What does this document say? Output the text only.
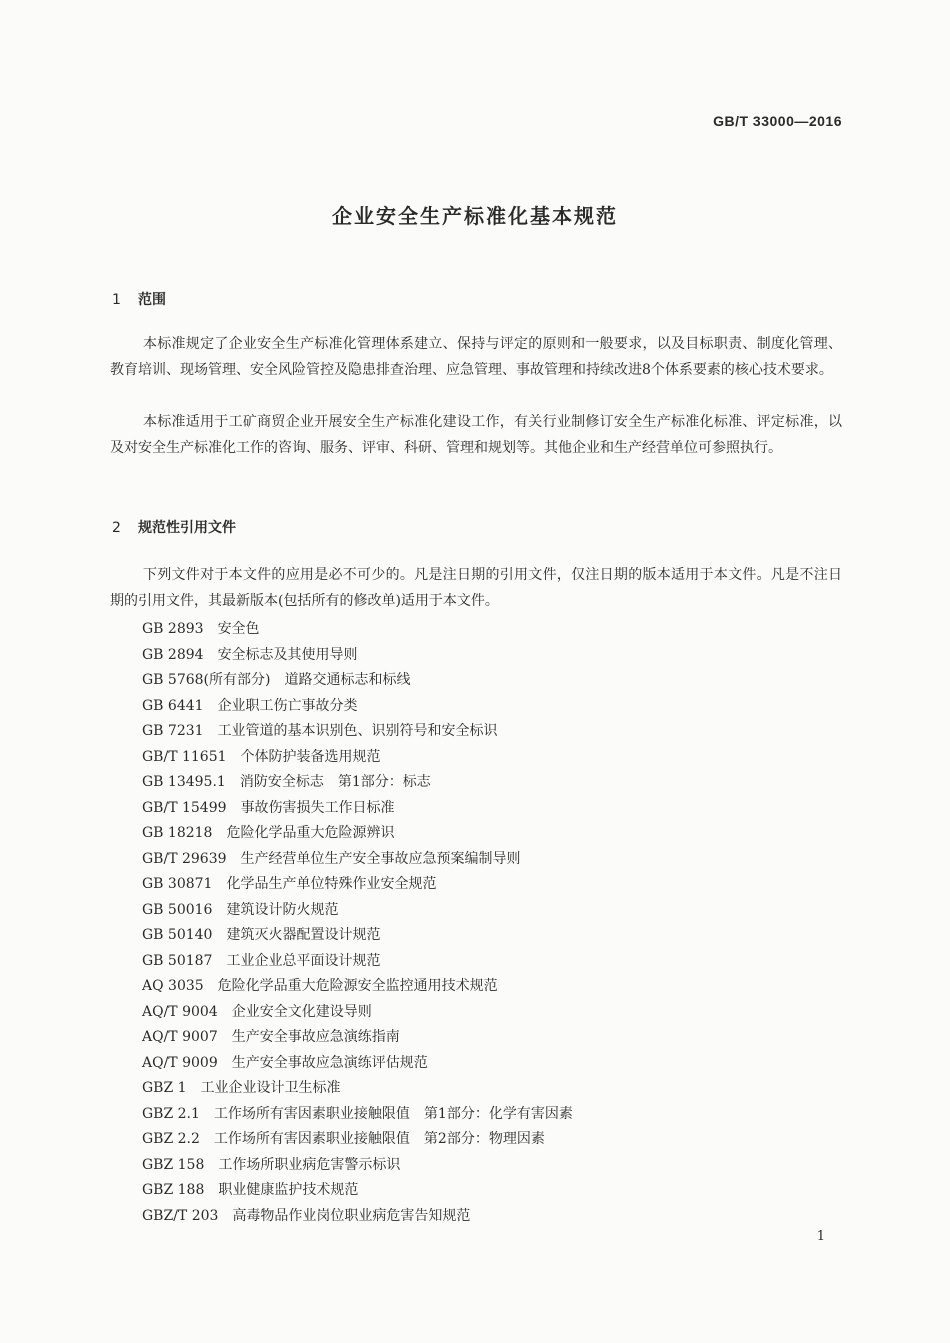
GB/T 33000—2016
企业安全生产标准化基本规范
1 范围

本标准规定了企业安全生产标准化管理体系建立、保持与评定的原则和一般要求，以及目标职责、制度化管理、教育培训、现场管理、安全风险管控及隐患排查治理、应急管理、事故管理和持续改进8个体系要素的核心技术要求。

本标准适用于工矿商贸企业开展安全生产标准化建设工作，有关行业制修订安全生产标准化标准、评定标准，以及对安全生产标准化工作的咨询、服务、评审、科研、管理和规划等。其他企业和生产经营单位可参照执行。

2 规范性引用文件

下列文件对于本文件的应用是必不可少的。凡是注日期的引用文件，仅注日期的版本适用于本文件。凡是不注日期的引用文件，其最新版本(包括所有的修改单)适用于本文件。

GB 2893 安全色
GB 2894 安全标志及其使用导则
GB 5768(所有部分) 道路交通标志和标线
GB 6441 企业职工伤亡事故分类
GB 7231 工业管道的基本识别色、识别符号和安全标识
GB/T 11651 个体防护装备选用规范
GB 13495.1 消防安全标志　第1部分：标志
GB/T 15499 事故伤害损失工作日标准
GB 18218 危险化学品重大危险源辨识
GB/T 29639 生产经营单位生产安全事故应急预案编制导则
GB 30871 化学品生产单位特殊作业安全规范
GB 50016 建筑设计防火规范
GB 50140 建筑灭火器配置设计规范
GB 50187 工业企业总平面设计规范
AQ 3035 危险化学品重大危险源安全监控通用技术规范
AQ/T 9004 企业安全文化建设导则
AQ/T 9007 生产安全事故应急演练指南
AQ/T 9009 生产安全事故应急演练评估规范
GBZ 1 工业企业设计卫生标准
GBZ 2.1 工作场所有害因素职业接触限值　第1部分：化学有害因素
GBZ 2.2 工作场所有害因素职业接触限值　第2部分：物理因素
GBZ 158 工作场所职业病危害警示标识
GBZ 188 职业健康监护技术规范
GBZ/T 203 高毒物品作业岗位职业病危害告知规范
1
